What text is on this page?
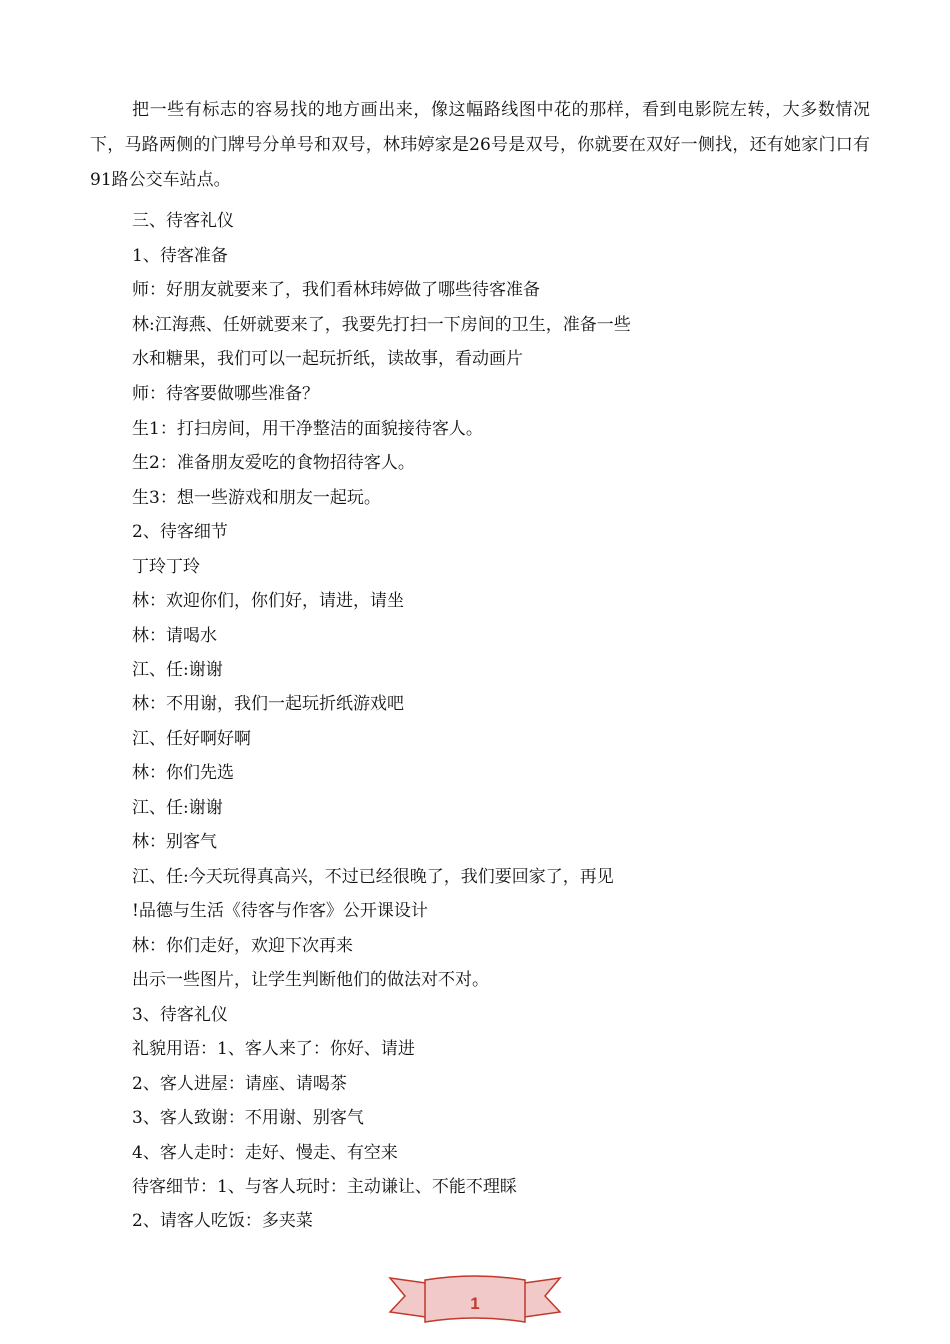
把一些有标志的容易找的地方画出来，像这幅路线图中花的那样，看到电影院左转，大多数情况下，马路两侧的门牌号分单号和双号，林玮婷家是26号是双号，你就要在双好一侧找，还有她家门口有91路公交车站点。

三、待客礼仪

1、待客准备

师：好朋友就要来了，我们看林玮婷做了哪些待客准备

林:江海燕、任妍就要来了，我要先打扫一下房间的卫生，准备一些

水和糖果，我们可以一起玩折纸，读故事，看动画片

师：待客要做哪些准备？

生1：打扫房间，用干净整洁的面貌接待客人。

生2：准备朋友爱吃的食物招待客人。

生3：想一些游戏和朋友一起玩。

2、待客细节

丁玲丁玲

林：欢迎你们，你们好，请进，请坐

林：请喝水

江、任:谢谢

林：不用谢，我们一起玩折纸游戏吧

江、任好啊好啊

林：你们先选

江、任:谢谢

林：别客气

江、任:今天玩得真高兴，不过已经很晚了，我们要回家了，再见

!品德与生活《待客与作客》公开课设计

林：你们走好，欢迎下次再来

出示一些图片，让学生判断他们的做法对不对。

3、待客礼仪

礼貌用语：1、客人来了：你好、请进

2、客人进屋：请座、请喝茶

3、客人致谢：不用谢、别客气

4、客人走时：走好、慢走、有空来

待客细节：1、与客人玩时：主动谦让、不能不理睬

2、请客人吃饭：多夹菜

1
